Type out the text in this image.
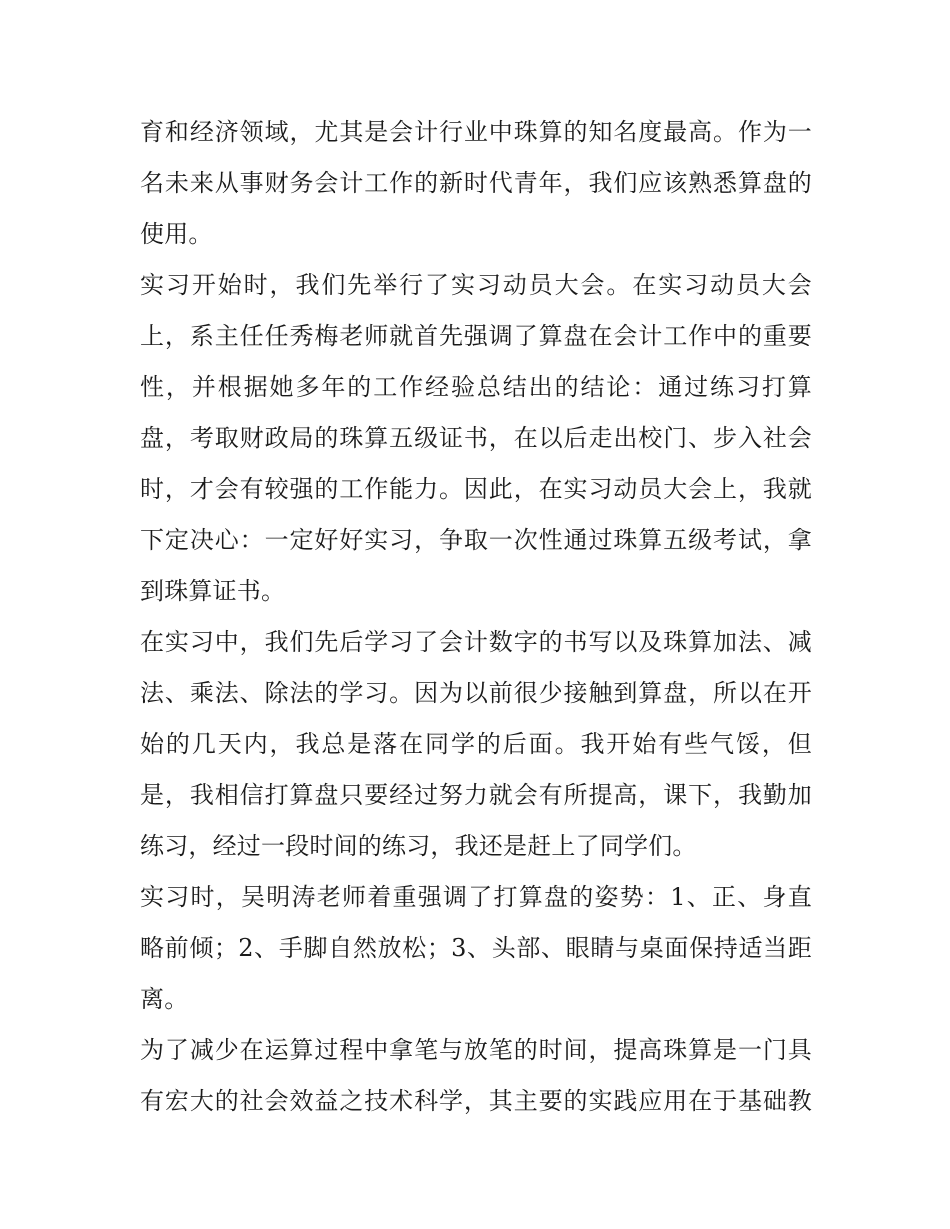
育和经济领域，尤其是会计行业中珠算的知名度最高。作为一
名未来从事财务会计工作的新时代青年，我们应该熟悉算盘的
使用。
实习开始时，我们先举行了实习动员大会。在实习动员大会
上，系主任任秀梅老师就首先强调了算盘在会计工作中的重要
性，并根据她多年的工作经验总结出的结论：通过练习打算
盘，考取财政局的珠算五级证书，在以后走出校门、步入社会
时，才会有较强的工作能力。因此，在实习动员大会上，我就
下定决心：一定好好实习，争取一次性通过珠算五级考试，拿
到珠算证书。
在实习中，我们先后学习了会计数字的书写以及珠算加法、减
法、乘法、除法的学习。因为以前很少接触到算盘，所以在开
始的几天内，我总是落在同学的后面。我开始有些气馁，但
是，我相信打算盘只要经过努力就会有所提高，课下，我勤加
练习，经过一段时间的练习，我还是赶上了同学们。
实习时，吴明涛老师着重强调了打算盘的姿势：1、正、身直
略前倾；2、手脚自然放松；3、头部、眼睛与桌面保持适当距
离。
为了减少在运算过程中拿笔与放笔的时间，提高珠算是一门具
有宏大的社会效益之技术科学，其主要的实践应用在于基础教
